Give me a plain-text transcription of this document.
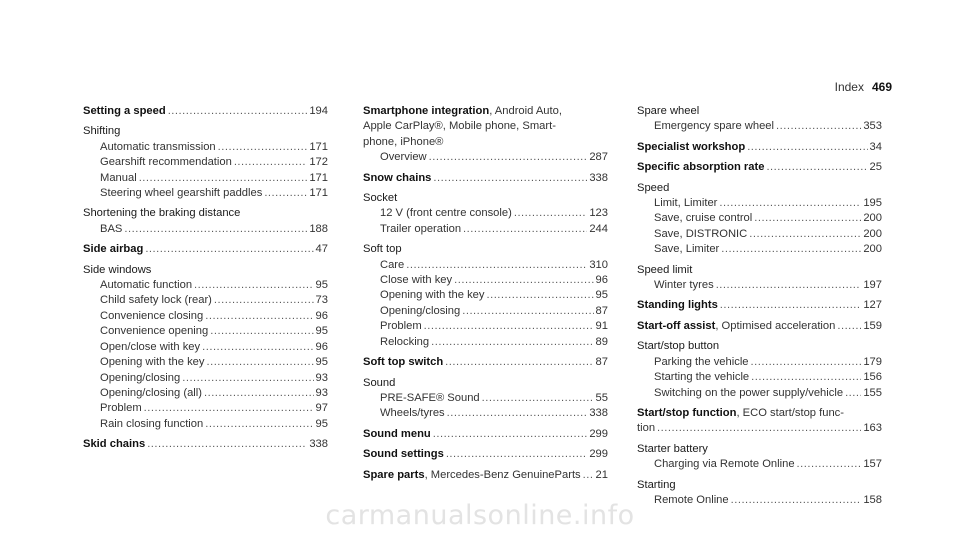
Index 469
Setting a speed .....	194
Shifting
Automatic transmission .....	171
Gearshift recommendation .....	172
Manual .....	171
Steering wheel gearshift paddles .....	171
Shortening the braking distance
BAS .....	188
Side airbag .....	47
Side windows
Automatic function .....	95
Child safety lock (rear) .....	73
Convenience closing .....	96
Convenience opening .....	95
Open/close with key .....	96
Opening with the key .....	95
Opening/closing .....	93
Opening/closing (all) .....	93
Problem .....	97
Rain closing function .....	95
Skid chains .....	338
Smartphone integration, Android Auto,
Apple CarPlay®, Mobile phone, Smart-
phone, iPhone®
Overview .....	287
Snow chains .....	338
Socket
12 V (front centre console) .....	123
Trailer operation .....	244
Soft top
Care .....	310
Close with key .....	96
Opening with the key .....	95
Opening/closing .....	87
Problem .....	91
Relocking .....	89
Soft top switch .....	87
Sound
PRE-SAFE® Sound .....	55
Wheels/tyres .....	338
Sound menu .....	299
Sound settings .....	299
Spare parts , Mercedes-Benz GenuineParts ..... 21
Spare wheel
Emergency spare wheel .....	353
Specialist workshop .....	34
Specific absorption rate .....	25
Speed
Limit, Limiter .....	195
Save, cruise control .....	200
Save, DISTRONIC .....	200
Save, Limiter .....	200
Speed limit
Winter tyres .....	197
Standing lights .....	127
Start-off assist , Optimised acceleration ..... 159
Start/stop button
Parking the vehicle .....	179
Starting the vehicle .....	156
Switching on the power supply/vehicle ..... 155
Start/stop function, ECO start/stop func-
tion .....	163
Starter battery
Charging via Remote Online .....	157
Starting
Remote Online .....	158
carmanualsonline.info
